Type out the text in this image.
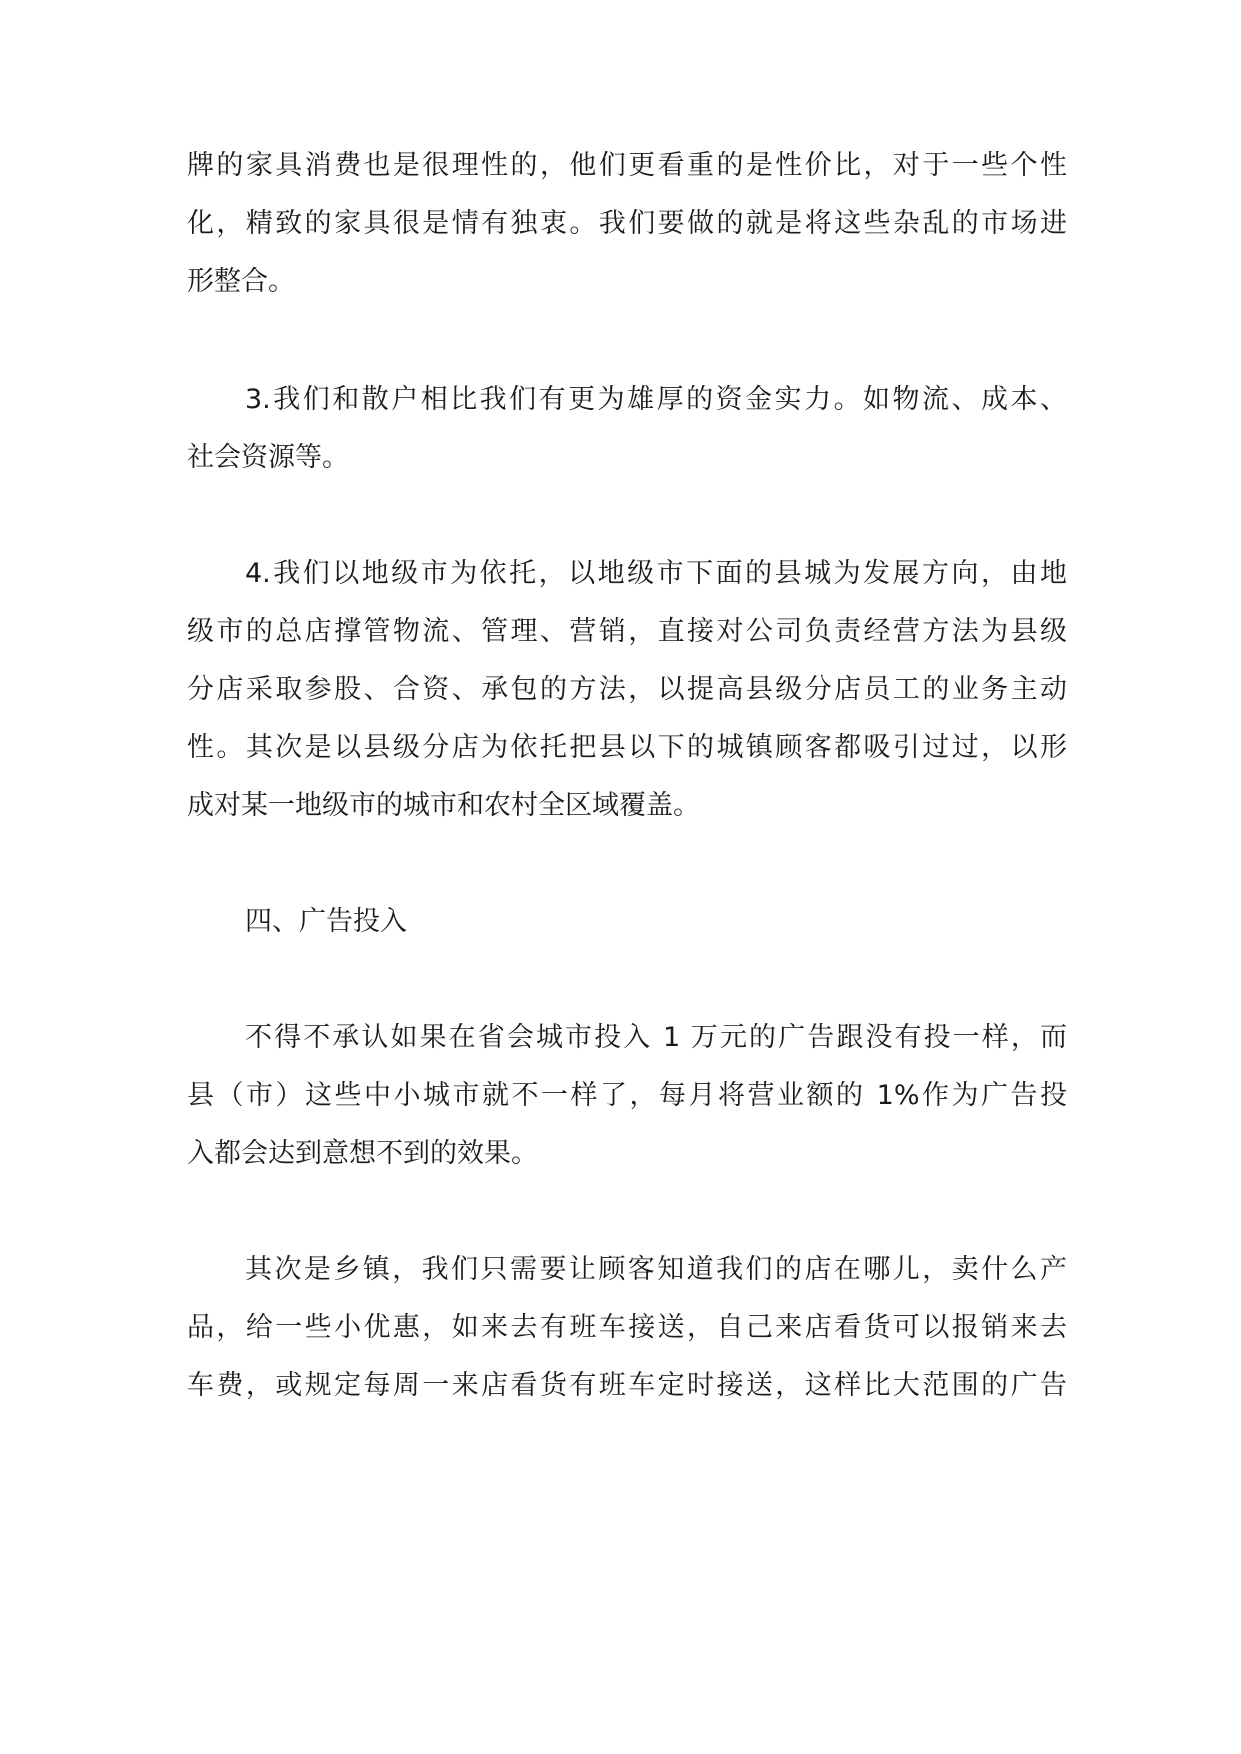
牌的家具消费也是很理性的，他们更看重的是性价比，对于一些个性
化，精致的家具很是情有独衷。我们要做的就是将这些杂乱的市场进
形整合。
3.我们和散户相比我们有更为雄厚的资金实力。如物流、成本、
社会资源等。
4.我们以地级市为依托，以地级市下面的县城为发展方向，由地
级市的总店撑管物流、管理、营销，直接对公司负责经营方法为县级
分店采取参股、合资、承包的方法，以提高县级分店员工的业务主动
性。其次是以县级分店为依托把县以下的城镇顾客都吸引过过，以形
成对某一地级市的城市和农村全区域覆盖。
四、广告投入
不得不承认如果在省会城市投入 1 万元的广告跟没有投一样，而
县（市）这些中小城市就不一样了，每月将营业额的 1%作为广告投
入都会达到意想不到的效果。
其次是乡镇，我们只需要让顾客知道我们的店在哪儿，卖什么产
品，给一些小优惠，如来去有班车接送，自己来店看货可以报销来去
车费，或规定每周一来店看货有班车定时接送，这样比大范围的广告
